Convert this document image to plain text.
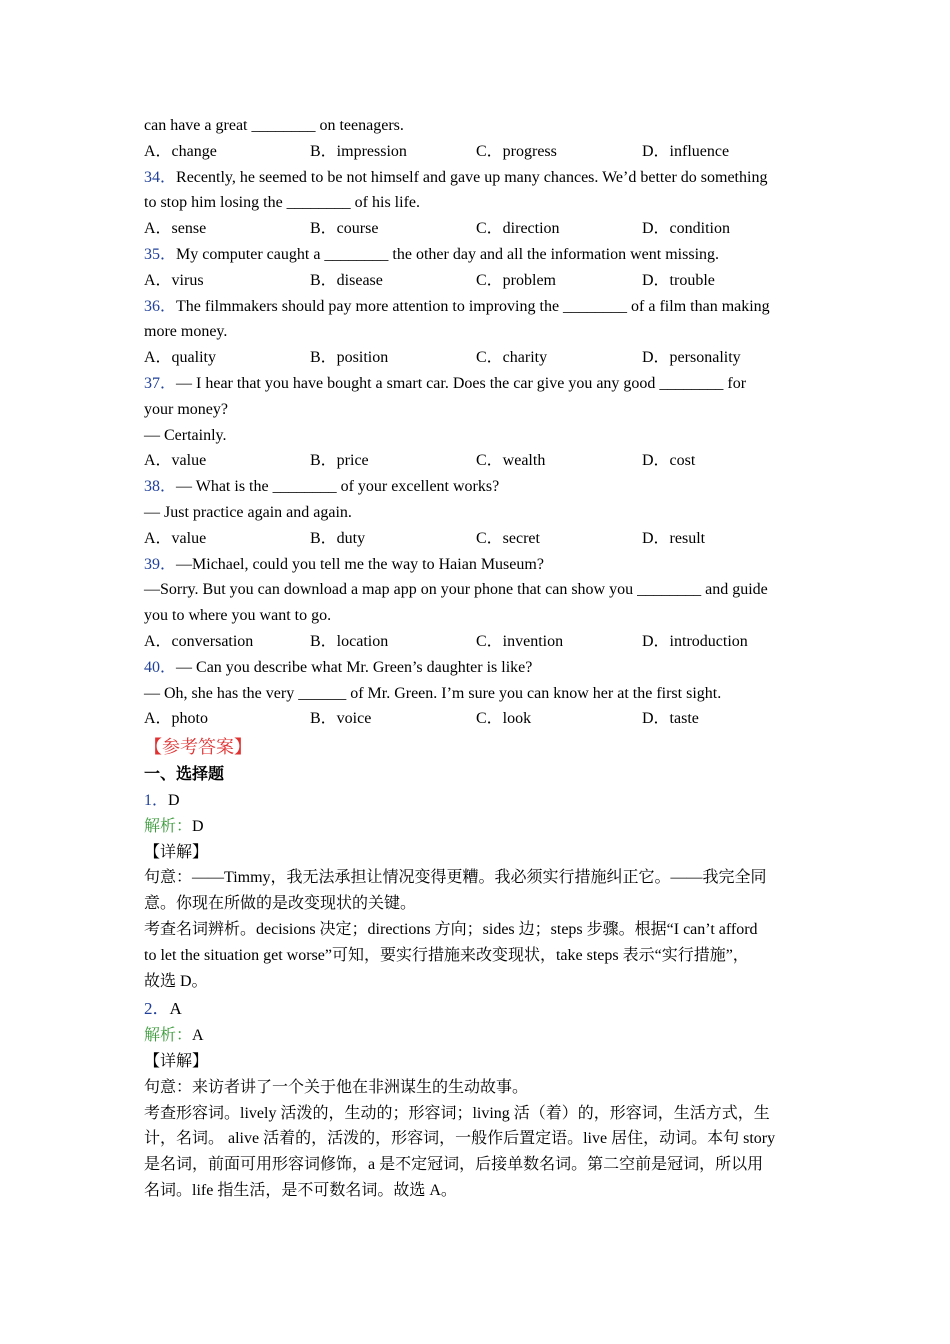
can have a great ________ on teenagers.

A．change	B．impression	C．progress	D．influence

34．Recently, he seemed to be not himself and gave up many chances. We’d better do something

to stop him losing the ________ of his life.

A．sense	B．course	C．direction	D．condition

35．My computer caught a ________ the other day and all the information went missing.

A．virus	B．disease	C．problem	D．trouble

36．The filmmakers should pay more attention to improving the ________ of a film than making

more money.

A．quality	B．position	C．charity	D．personality

37．— I hear that you have bought a smart car. Does the car give you any good ________ for

your money?

— Certainly.

A．value	B．price	C．wealth	D．cost

38．— What is the ________ of your excellent works?

— Just practice again and again.

A．value	B．duty	C．secret	D．result

39．—Michael, could you tell me the way to Haian Museum?

—Sorry. But you can download a map app on your phone that can show you ________ and guide

you to where you want to go.

A．conversation	B．location	C．invention	D．introduction

40．— Can you describe what Mr. Green’s daughter is like?

— Oh, she has the very ______ of Mr. Green. I’m sure you can know her at the first sight.

A．photo	B．voice	C．look	D．taste

【参考答案】

一、选择题

1．D

解析：D

【详解】

句意：——Timmy，我无法承担让情况变得更糟。我必须实行措施纠正它。——我完全同

意。你现在所做的是改变现状的关键。

考查名词辨析。decisions 决定；directions 方向；sides 边；steps 步骤。根据“I can’t afford

to let the situation get worse”可知，要实行措施来改变现状，take steps 表示“实行措施”，

故选 D。

2．A

解析：A

【详解】

句意：来访者讲了一个关于他在非洲谋生的生动故事。

考查形容词。lively 活泼的，生动的；形容词；living 活（着）的，形容词，生活方式，生

计，名词。 alive 活着的，活泼的，形容词，一般作后置定语。live 居住，动词。本句 story

是名词，前面可用形容词修饰，a 是不定冠词，后接单数名词。第二空前是冠词，所以用

名词。life 指生活，是不可数名词。故选 A。
